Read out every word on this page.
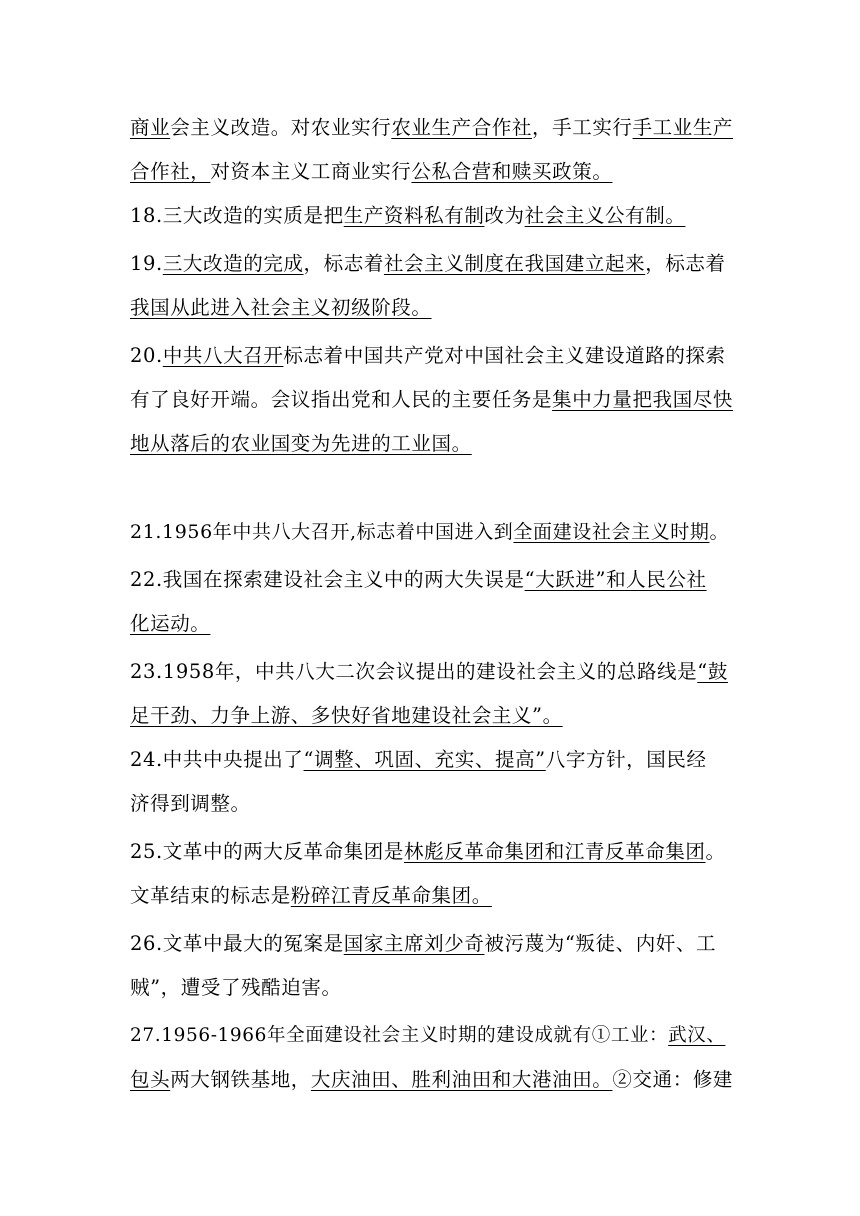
商业会主义改造。对农业实行农业生产合作社，手工实行手工业生产
合作社，对资本主义工商业实行公私合营和赎买政策。
18.三大改造的实质是把生产资料私有制改为社会主义公有制。
19.三大改造的完成，标志着社会主义制度在我国建立起来，标志着
我国从此进入社会主义初级阶段。
20.中共八大召开标志着中国共产党对中国社会主义建设道路的探索
有了良好开端。会议指出党和人民的主要任务是集中力量把我国尽快
地从落后的农业国变为先进的工业国。
21.1956年中共八大召开,标志着中国进入到全面建设社会主义时期。
22.我国在探索建设社会主义中的两大失误是“大跃进”和人民公社
化运动。
23.1958年，中共八大二次会议提出的建设社会主义的总路线是“鼓
足干劲、力争上游、多快好省地建设社会主义”。
24.中共中央提出了“调整、巩固、充实、提高”八字方针，国民经
济得到调整。
25.文革中的两大反革命集团是林彪反革命集团和江青反革命集团。
文革结束的标志是粉碎江青反革命集团。
26.文革中最大的冤案是国家主席刘少奇被污蔑为“叛徒、内奸、工
贼”，遭受了残酷迫害。
27.1956-1966年全面建设社会主义时期的建设成就有①工业：武汉、
包头两大钢铁基地，大庆油田、胜利油田和大港油田。②交通：修建
